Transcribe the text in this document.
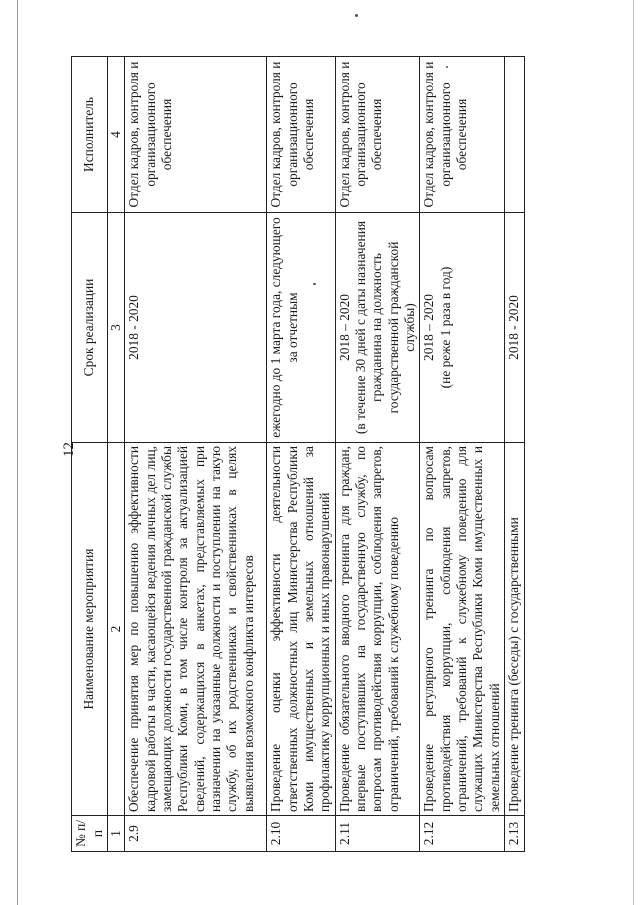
12
№ п/п	Наименование мероприятия	Срок реализации	Исполнитель
1	2	3	4
2.9	Обеспечение принятия мер по повышению эффективности кадровой работы в части, касающейся ведения личных дел лиц, замещающих должности государственной гражданской службы Республики Коми, в том числе контроля за актуализацией сведений, содержащихся в анкетах, представляемых при назначении на указанные должности и поступлении на такую службу, об их родственниках и свойственниках в целях выявления возможного конфликта интересов	2018 - 2020	Отдел кадров, контроля и организационного обеспечения
2.10	Проведение оценки эффективности деятельности ответственных должностных лиц Министерства Республики Коми имущественных и земельных отношений за профилактику коррупционных и иных правонарушений	ежегодно до 1 марта года, следующего за отчетным	Отдел кадров, контроля и организационного обеспечения
2.11	Проведение обязательного вводного тренинга для граждан, впервые поступивших на государственную службу, по вопросам противодействия коррупции, соблюдения запретов, ограничений, требований к служебному поведению	2018 – 2020 (в течение 30 дней с даты назначения гражданина на должность государственной гражданской службы)	Отдел кадров, контроля и организационного обеспечения
2.12	Проведение регулярного тренинга по вопросам противодействия коррупции, соблюдения запретов, ограничений, требований к служебному поведению для служащих Министерства Республики Коми имущественных и земельных отношений	2018 – 2020 (не реже 1 раза в год)	Отдел кадров, контроля и организационного обеспечения
2.13	Проведение тренинга (беседы) с государственными	2018 - 2020	
